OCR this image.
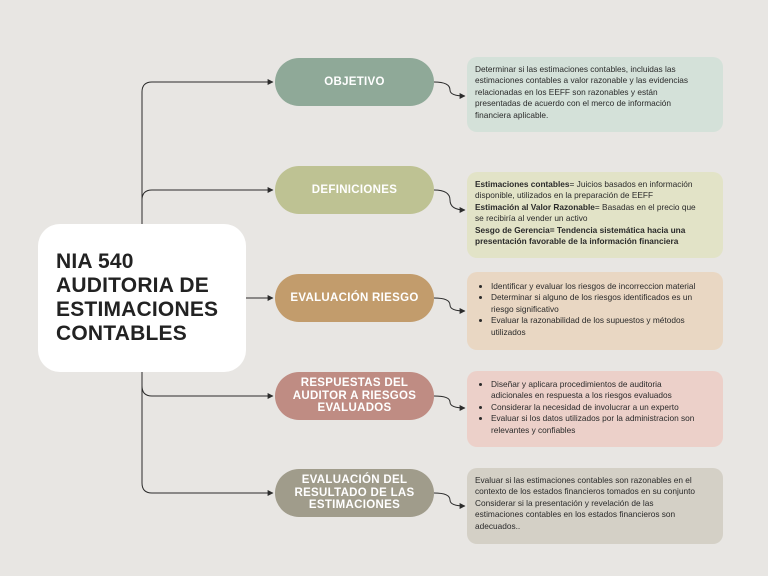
NIA 540
AUDITORIA DE
ESTIMACIONES
CONTABLES
OBJETIVO
Determinar si las estimaciones contables, incluidas las
estimaciones contables a valor razonable y las evidencias
relacionadas en los EEFF son razonables y están
presentadas de acuerdo con el merco de información
financiera aplicable.
DEFINICIONES	Estimaciones contables= Juicios basados en información
disponible, utilizados en la preparación de EEFF
Estimación al Valor Razonable= Basadas en el precio que
se recibiría al vender un activo
Sesgo de Gerencia= Tendencia sistemática hacia una
presentación favorable de la información financiera
EVALUACIÓN RIESGO
• Identificar y evaluar los riesgos de incorreccion material
• Determinar si alguno de los riesgos identificados es un
riesgo significativo
• Evaluar la razonabilidad de los supuestos y métodos
utilizados
RESPUESTAS DEL
AUDITOR A RIESGOS
EVALUADOS
• Diseñar y aplicara procedimientos de auditoria
adicionales en respuesta a los riesgos evaluados
• Considerar la necesidad de involucrar a un experto
• Evaluar si los datos utilizados por la administracion son
relevantes y confiables
EVALUACIÓN DEL
RESULTADO DE LAS
ESTIMACIONES
Evaluar si las estimaciones contables son razonables en el
contexto de los estados financieros tomados en su conjunto
Considerar si la presentación y revelación de las
estimaciones contables en los estados financieros son
adecuados..
